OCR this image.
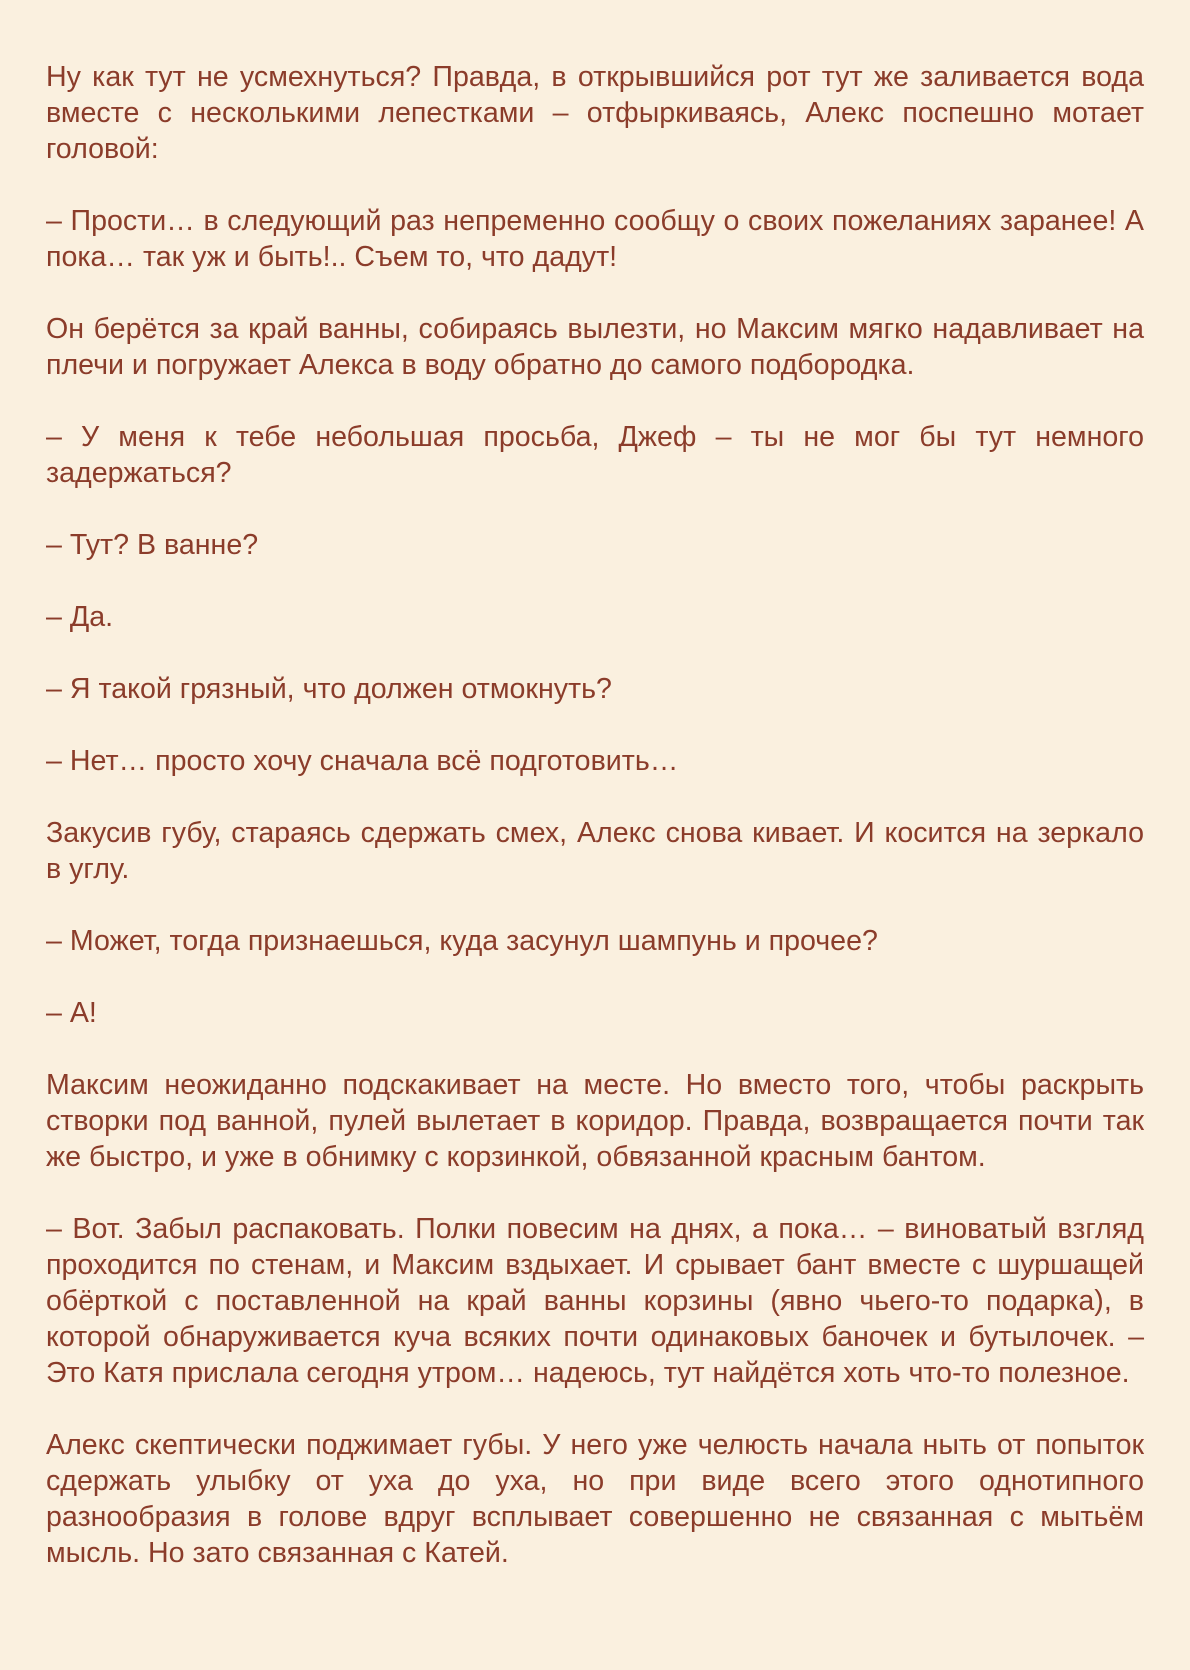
Ну как тут не усмехнуться? Правда, в открывшийся рот тут же заливается вода вместе с несколькими лепестками – отфыркиваясь, Алекс поспешно мотает головой:

– Прости… в следующий раз непременно сообщу о своих пожеланиях заранее! А пока… так уж и быть!.. Съем то, что дадут!

Он берётся за край ванны, собираясь вылезти, но Максим мягко надавливает на плечи и погружает Алекса в воду обратно до самого подбородка.

– У меня к тебе небольшая просьба, Джеф – ты не мог бы тут немного задержаться?

– Тут? В ванне?

– Да.

– Я такой грязный, что должен отмокнуть?

– Нет… просто хочу сначала всё подготовить…

Закусив губу, стараясь сдержать смех, Алекс снова кивает. И косится на зеркало в углу.

– Может, тогда признаешься, куда засунул шампунь и прочее?

– А!

Максим неожиданно подскакивает на месте. Но вместо того, чтобы раскрыть створки под ванной, пулей вылетает в коридор. Правда, возвращается почти так же быстро, и уже в обнимку с корзинкой, обвязанной красным бантом.

– Вот. Забыл распаковать. Полки повесим на днях, а пока… – виноватый взгляд проходится по стенам, и Максим вздыхает. И срывает бант вместе с шуршащей обёрткой с поставленной на край ванны корзины (явно чьего-то подарка), в которой обнаруживается куча всяких почти одинаковых баночек и бутылочек. – Это Катя прислала сегодня утром… надеюсь, тут найдётся хоть что-то полезное.

Алекс скептически поджимает губы. У него уже челюсть начала ныть от попыток сдержать улыбку от уха до уха, но при виде всего этого однотипного разнообразия в голове вдруг всплывает совершенно не связанная с мытьём мысль. Но зато связанная с Катей.
